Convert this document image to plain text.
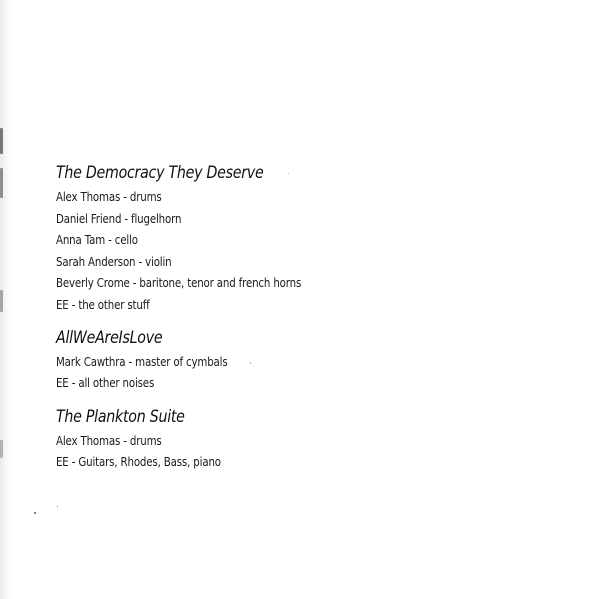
The Democracy They Deserve
Alex Thomas - drums
Daniel Friend - flugelhorn
Anna Tam - cello
Sarah Anderson - violin
Beverly Crome - baritone, tenor and french horns
EE - the other stuff
AllWeAreIsLove
Mark Cawthra - master of cymbals
EE - all other noises
The Plankton Suite
Alex Thomas - drums
EE - Guitars, Rhodes, Bass, piano
